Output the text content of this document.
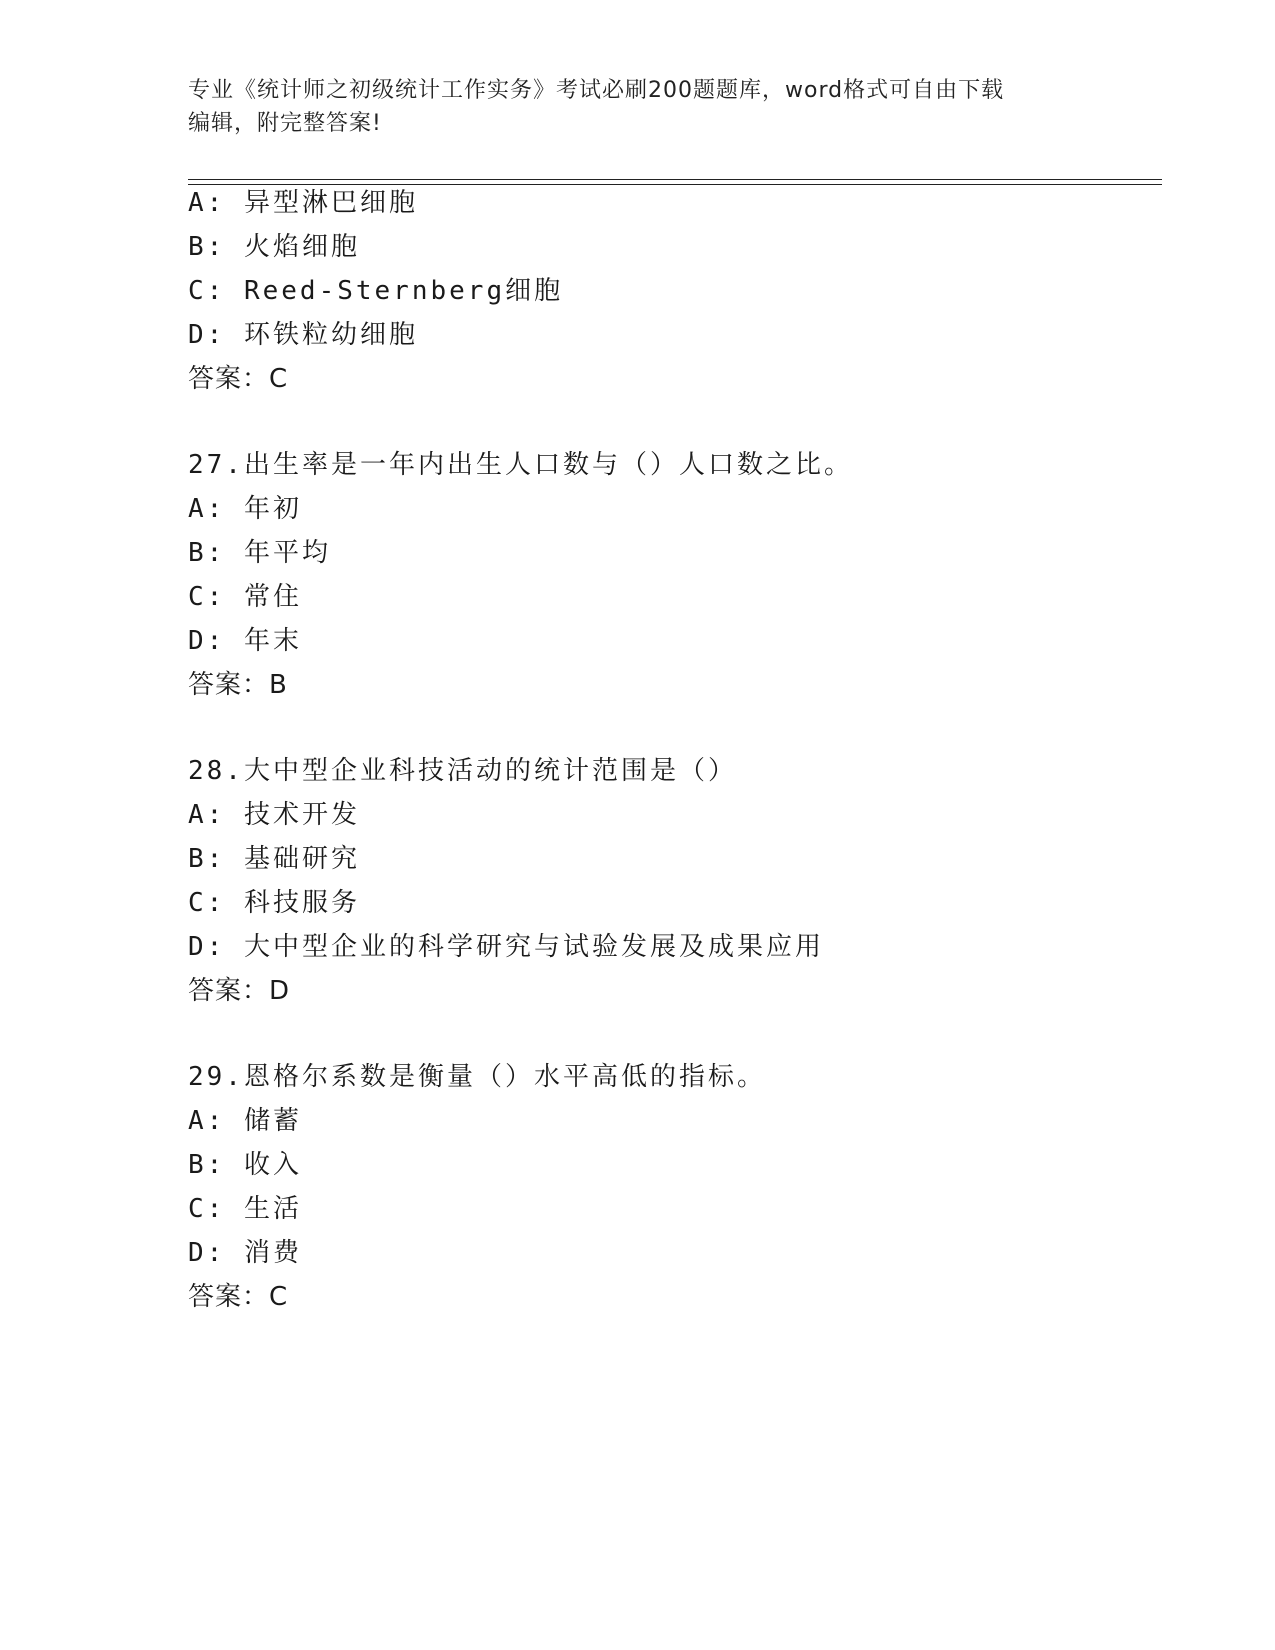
专业《统计师之初级统计工作实务》考试必刷200题题库，word格式可自由下载
编辑，附完整答案!
A: 异型淋巴细胞
B: 火焰细胞
C: Reed-Sternberg细胞
D: 环铁粒幼细胞
答案：C
27.出生率是一年内出生人口数与（）人口数之比。
A: 年初
B: 年平均
C: 常住
D: 年末
答案：B
28.大中型企业科技活动的统计范围是（）
A: 技术开发
B: 基础研究
C: 科技服务
D: 大中型企业的科学研究与试验发展及成果应用
答案：D
29.恩格尔系数是衡量（）水平高低的指标。
A: 储蓄
B: 收入
C: 生活
D: 消费
答案：C
